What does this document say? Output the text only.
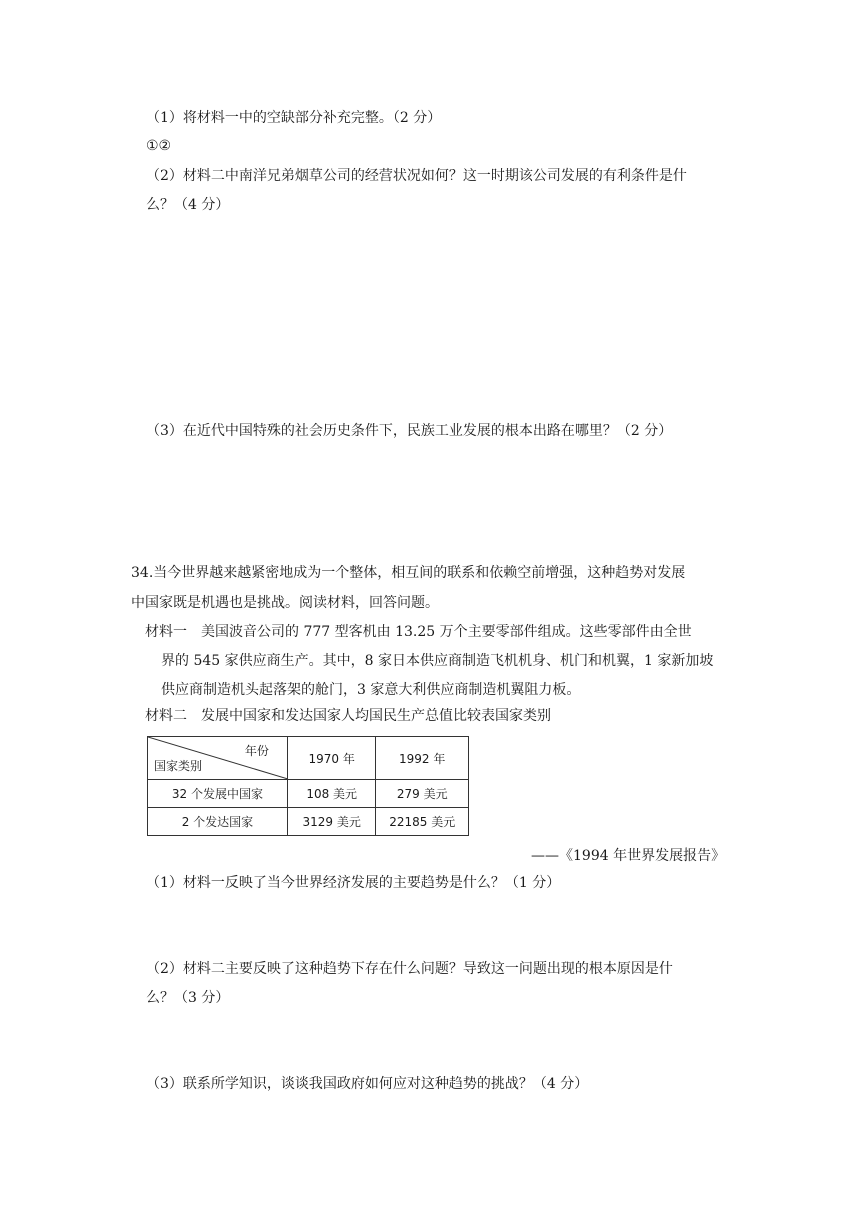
（1）将材料一中的空缺部分补充完整。（2 分）
①②
（2）材料二中南洋兄弟烟草公司的经营状况如何？这一时期该公司发展的有利条件是什
么？（4 分）
（3）在近代中国特殊的社会历史条件下，民族工业发展的根本出路在哪里？（2 分）
34.当今世界越来越紧密地成为一个整体，相互间的联系和依赖空前增强，这种趋势对发展
中国家既是机遇也是挑战。阅读材料，回答问题。
材料一　美国波音公司的 777 型客机由 13.25 万个主要零部件组成。这些零部件由全世
界的 545 家供应商生产。其中，8 家日本供应商制造飞机机身、机门和机翼，1 家新加坡
供应商制造机头起落架的舱门，3 家意大利供应商制造机翼阻力板。
材料二　发展中国家和发达国家人均国民生产总值比较表国家类别
年份
国家类别	1970 年	1992 年
32 个发展中国家	108 美元	279 美元
2 个发达国家	3129 美元	22185 美元
——《1994 年世界发展报告》
（1）材料一反映了当今世界经济发展的主要趋势是什么？（1 分）
（2）材料二主要反映了这种趋势下存在什么问题？导致这一问题出现的根本原因是什
么？（3 分）
（3）联系所学知识，谈谈我国政府如何应对这种趋势的挑战？（4 分）
